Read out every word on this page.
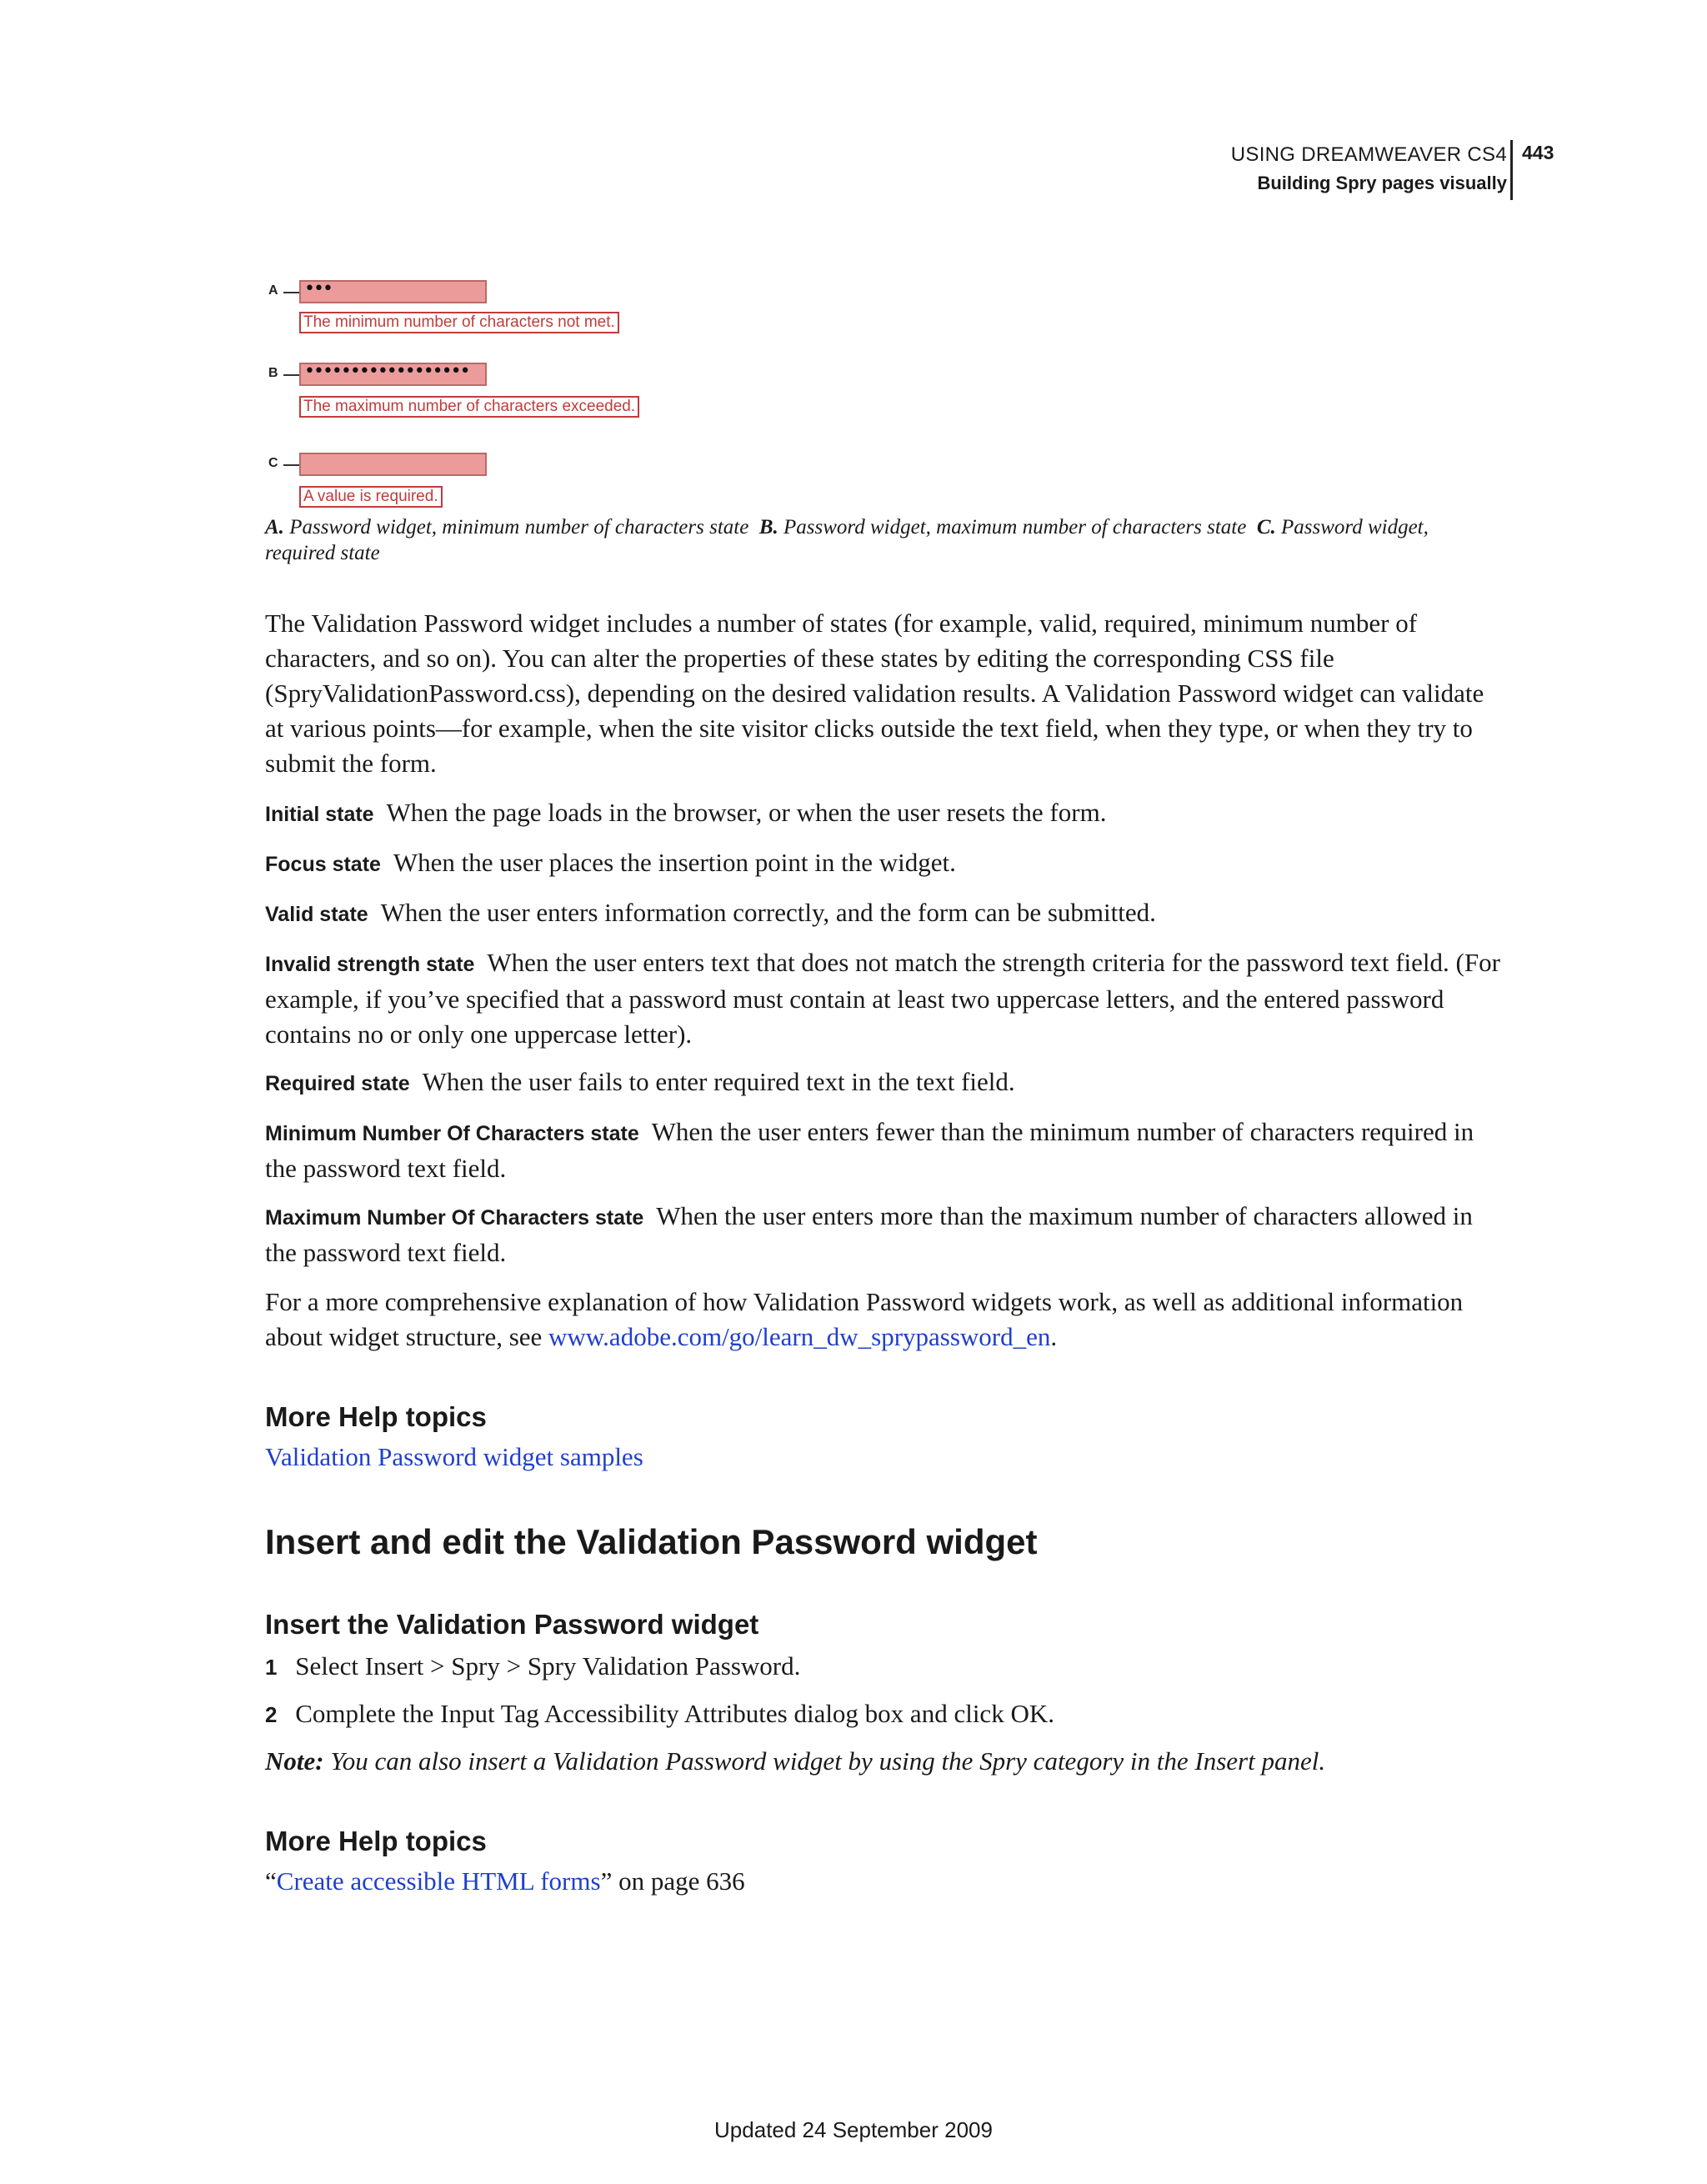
USING DREAMWEAVER CS4
Building Spry pages visually
443
A •••
The minimum number of characters not met.
B ••••••••••••••••••
The maximum number of characters exceeded.
C
A value is required.
A. Password widget, minimum number of characters state B. Password widget, maximum number of characters state C. Password widget, required state
The Validation Password widget includes a number of states (for example, valid, required, minimum number of characters, and so on). You can alter the properties of these states by editing the corresponding CSS file (SpryValidationPassword.css), depending on the desired validation results. A Validation Password widget can validate at various points—for example, when the site visitor clicks outside the text field, when they type, or when they try to submit the form.
Initial state When the page loads in the browser, or when the user resets the form.
Focus state When the user places the insertion point in the widget.
Valid state When the user enters information correctly, and the form can be submitted.
Invalid strength state When the user enters text that does not match the strength criteria for the password text field. (For example, if you’ve specified that a password must contain at least two uppercase letters, and the entered password contains no or only one uppercase letter).
Required state When the user fails to enter required text in the text field.
Minimum Number Of Characters state When the user enters fewer than the minimum number of characters required in the password text field.
Maximum Number Of Characters state When the user enters more than the maximum number of characters allowed in the password text field.
For a more comprehensive explanation of how Validation Password widgets work, as well as additional information about widget structure, see www.adobe.com/go/learn_dw_sprypassword_en.
More Help topics
Validation Password widget samples
Insert and edit the Validation Password widget
Insert the Validation Password widget
1 Select Insert > Spry > Spry Validation Password.
2 Complete the Input Tag Accessibility Attributes dialog box and click OK.
Note: You can also insert a Validation Password widget by using the Spry category in the Insert panel.
More Help topics
“Create accessible HTML forms” on page 636
Updated 24 September 2009
